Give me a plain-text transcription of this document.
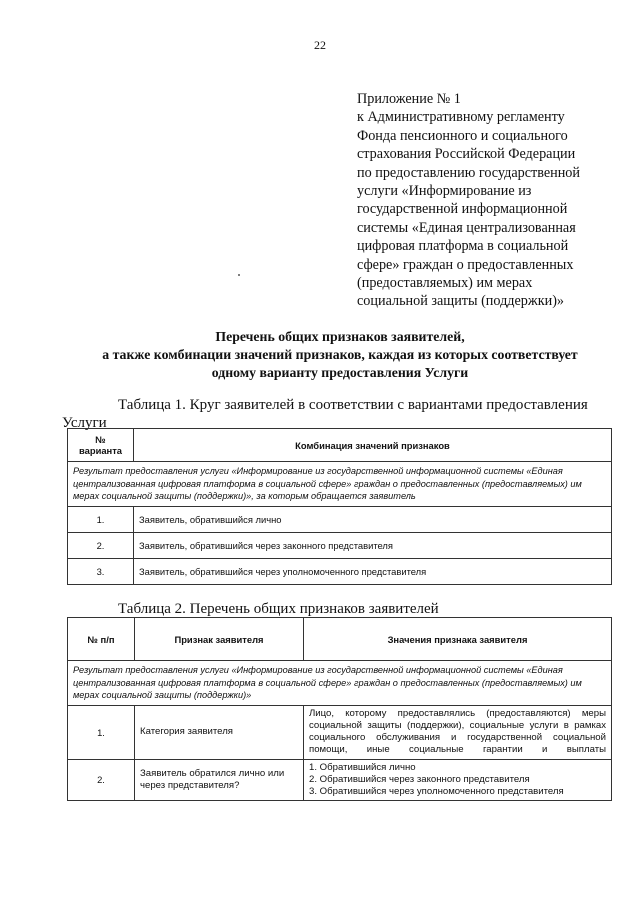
22
Приложение № 1
к Административному регламенту
Фонда пенсионного и социального
страхования Российской Федерации
по предоставлению государственной
услуги «Информирование из
государственной информационной
системы «Единая централизованная
цифровая платформа в социальной
сфере» граждан о предоставленных
(предоставляемых) им мерах
социальной защиты (поддержки)»
Перечень общих признаков заявителей,
а также комбинации значений признаков, каждая из которых соответствует
одному варианту предоставления Услуги
Таблица 1. Круг заявителей в соответствии с вариантами предоставления
Услуги
№ варианта	Комбинация значений признаков
Результат предоставления услуги «Информирование из государственной информационной системы «Единая централизованная цифровая платформа в социальной сфере» граждан о предоставленных (предоставляемых) им мерах социальной защиты (поддержки)», за которым обращается заявитель	
1.	Заявитель, обратившийся лично
2.	Заявитель, обратившийся через законного представителя
3.	Заявитель, обратившийся через уполномоченного представителя
Таблица 2. Перечень общих признаков заявителей
№ п/п	Признак заявителя	Значения признака заявителя
Результат предоставления услуги «Информирование из государственной информационной системы «Единая централизованная цифровая платформа в социальной сфере» граждан о предоставленных (предоставляемых) им мерах социальной защиты (поддержки)»		
1.	Категория заявителя	Лицо, которому предоставлялись (предоставляются) меры социальной защиты (поддержки), социальные услуги в рамках социального обслуживания и государственной социальной помощи, иные социальные гарантии и выплаты
2.	Заявитель обратился лично или через представителя?	1. Обратившийся лично
2. Обратившийся через законного представителя
3. Обратившийся через уполномоченного представителя
